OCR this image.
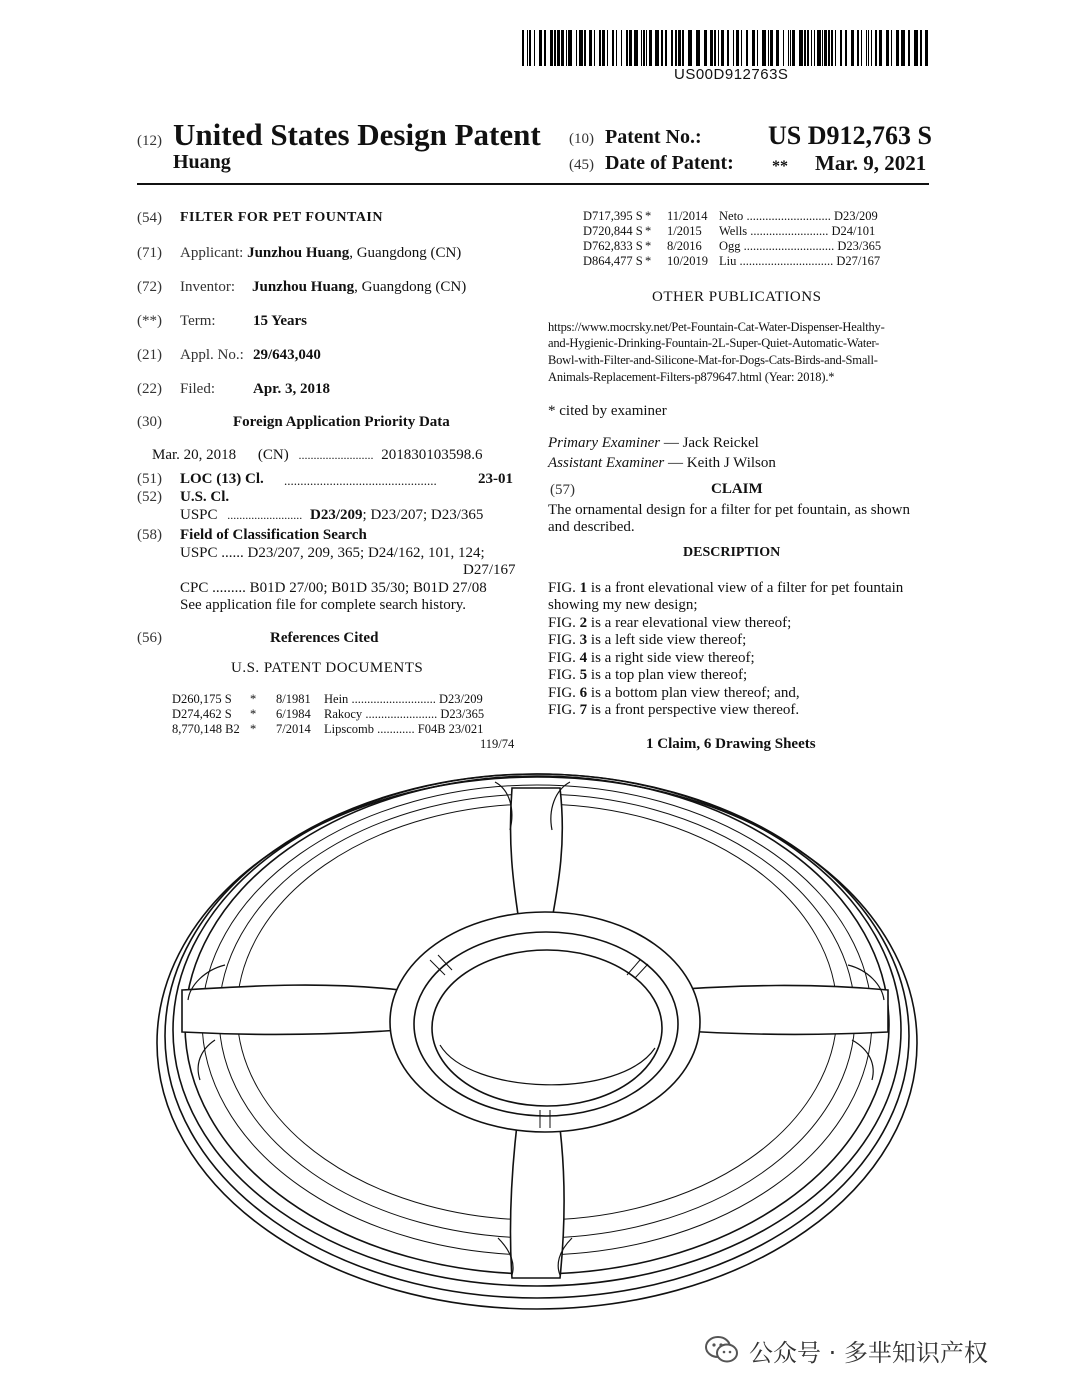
US00D912763S
(12) United States Design Patent
Huang
(10) Patent No.:	US D912,763 S
(45) Date of Patent: ** Mar. 9, 2021
(54) FILTER FOR PET FOUNTAIN
(71) Applicant: Junzhou Huang, Guangdong (CN)
(72) Inventor: Junzhou Huang, Guangdong (CN)
(**) Term: 15 Years
(21) Appl. No.: 29/643,040
(22) Filed:	Apr. 3, 2018
(30)	Foreign Application Priority Data
Mar. 20, 2018 (CN) ......................... 201830103598.6
(51) LOC (13) Cl. ...............................................	23-01
(52) U.S. Cl.
USPC ......................... D23/209; D23/207; D23/365
(58) Field of Classification Search
USPC ...... D23/207, 209, 365; D24/162, 101, 124;
D27/167
CPC ......... B01D 27/00; B01D 35/30; B01D 27/08
See application file for complete search history.
(56)	References Cited
U.S. PATENT DOCUMENTS
D260,175 S * 8/1981 Hein ........................... D23/209
D274,462 S * 6/1984 Rakocy ....................... D23/365
8,770,148 B2 * 7/2014 Lipscomb ............ F04B 23/021
119/74
D717,395 S * 11/2014 Neto ........................... D23/209
D720,844 S * 1/2015 Wells ......................... D24/101
D762,833 S * 8/2016 Ogg ............................. D23/365
D864,477 S * 10/2019 Liu .............................. D27/167
OTHER PUBLICATIONS
https://www.mocrsky.net/Pet-Fountain-Cat-Water-Dispenser-Healthy-
and-Hygienic-Drinking-Fountain-2L-Super-Quiet-Automatic-Water-
Bowl-with-Filter-and-Silicone-Mat-for-Dogs-Cats-Birds-and-Small-
Animals-Replacement-Filters-p879647.html (Year: 2018).*
* cited by examiner
Primary Examiner — Jack Reickel
Assistant Examiner — Keith J Wilson
(57)	CLAIM
The ornamental design for a filter for pet fountain, as shown
and described.
DESCRIPTION
FIG. 1 is a front elevational view of a filter for pet fountain
showing my new design;
FIG. 2 is a rear elevational view thereof;
FIG. 3 is a left side view thereof;
FIG. 4 is a right side view thereof;
FIG. 5 is a top plan view thereof;
FIG. 6 is a bottom plan view thereof; and,
FIG. 7 is a front perspective view thereof.
1 Claim, 6 Drawing Sheets
公众号 · 多芈知识产权
